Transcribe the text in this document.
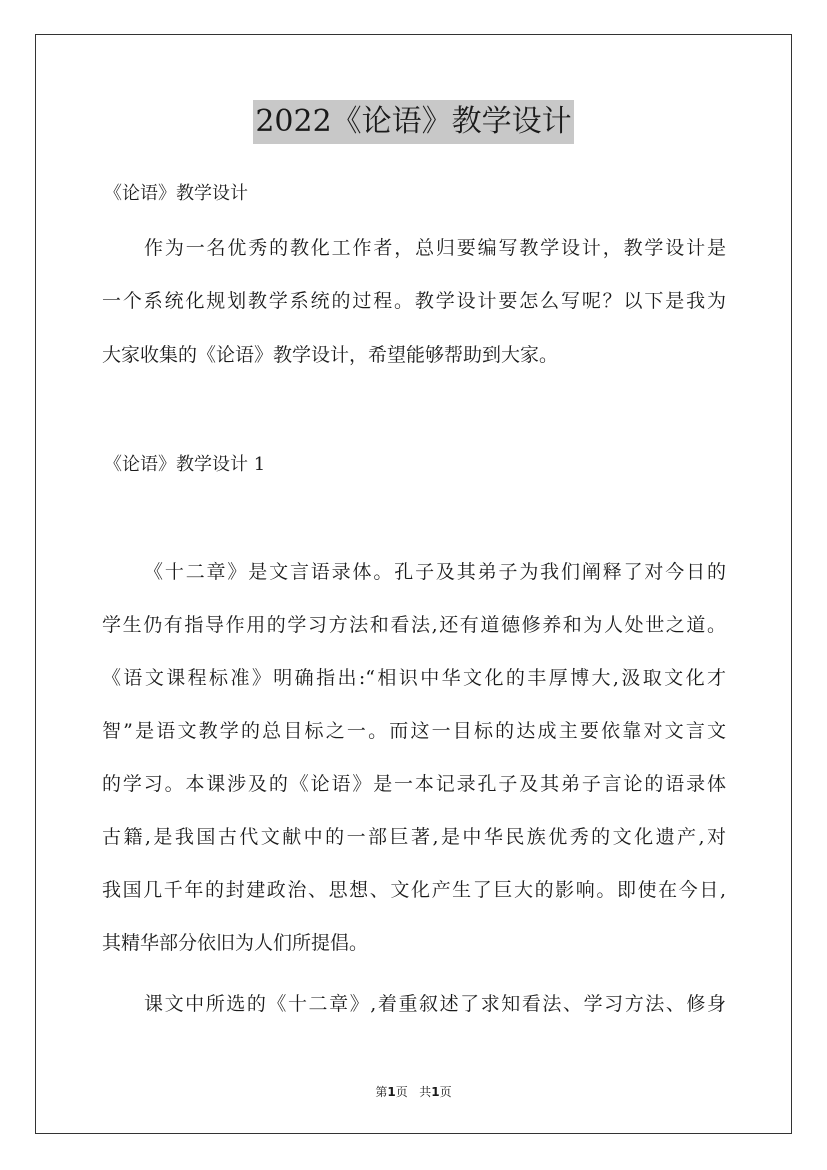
2022《论语》教学设计

《论语》教学设计

作为一名优秀的教化工作者，总归要编写教学设计，教学设计是
一个系统化规划教学系统的过程。教学设计要怎么写呢？以下是我为
大家收集的《论语》教学设计，希望能够帮助到大家。

《论语》教学设计 1

《十二章》是文言语录体。孔子及其弟子为我们阐释了对今日的
学生仍有指导作用的学习方法和看法,还有道德修养和为人处世之道。
《语文课程标准》明确指出:“相识中华文化的丰厚博大,汲取文化才
智”是语文教学的总目标之一。而这一目标的达成主要依靠对文言文
的学习。本课涉及的《论语》是一本记录孔子及其弟子言论的语录体
古籍,是我国古代文献中的一部巨著,是中华民族优秀的文化遗产,对
我国几千年的封建政治、思想、文化产生了巨大的影响。即使在今日,
其精华部分依旧为人们所提倡。
课文中所选的《十二章》,着重叙述了求知看法、学习方法、修身

第1页   共1页
